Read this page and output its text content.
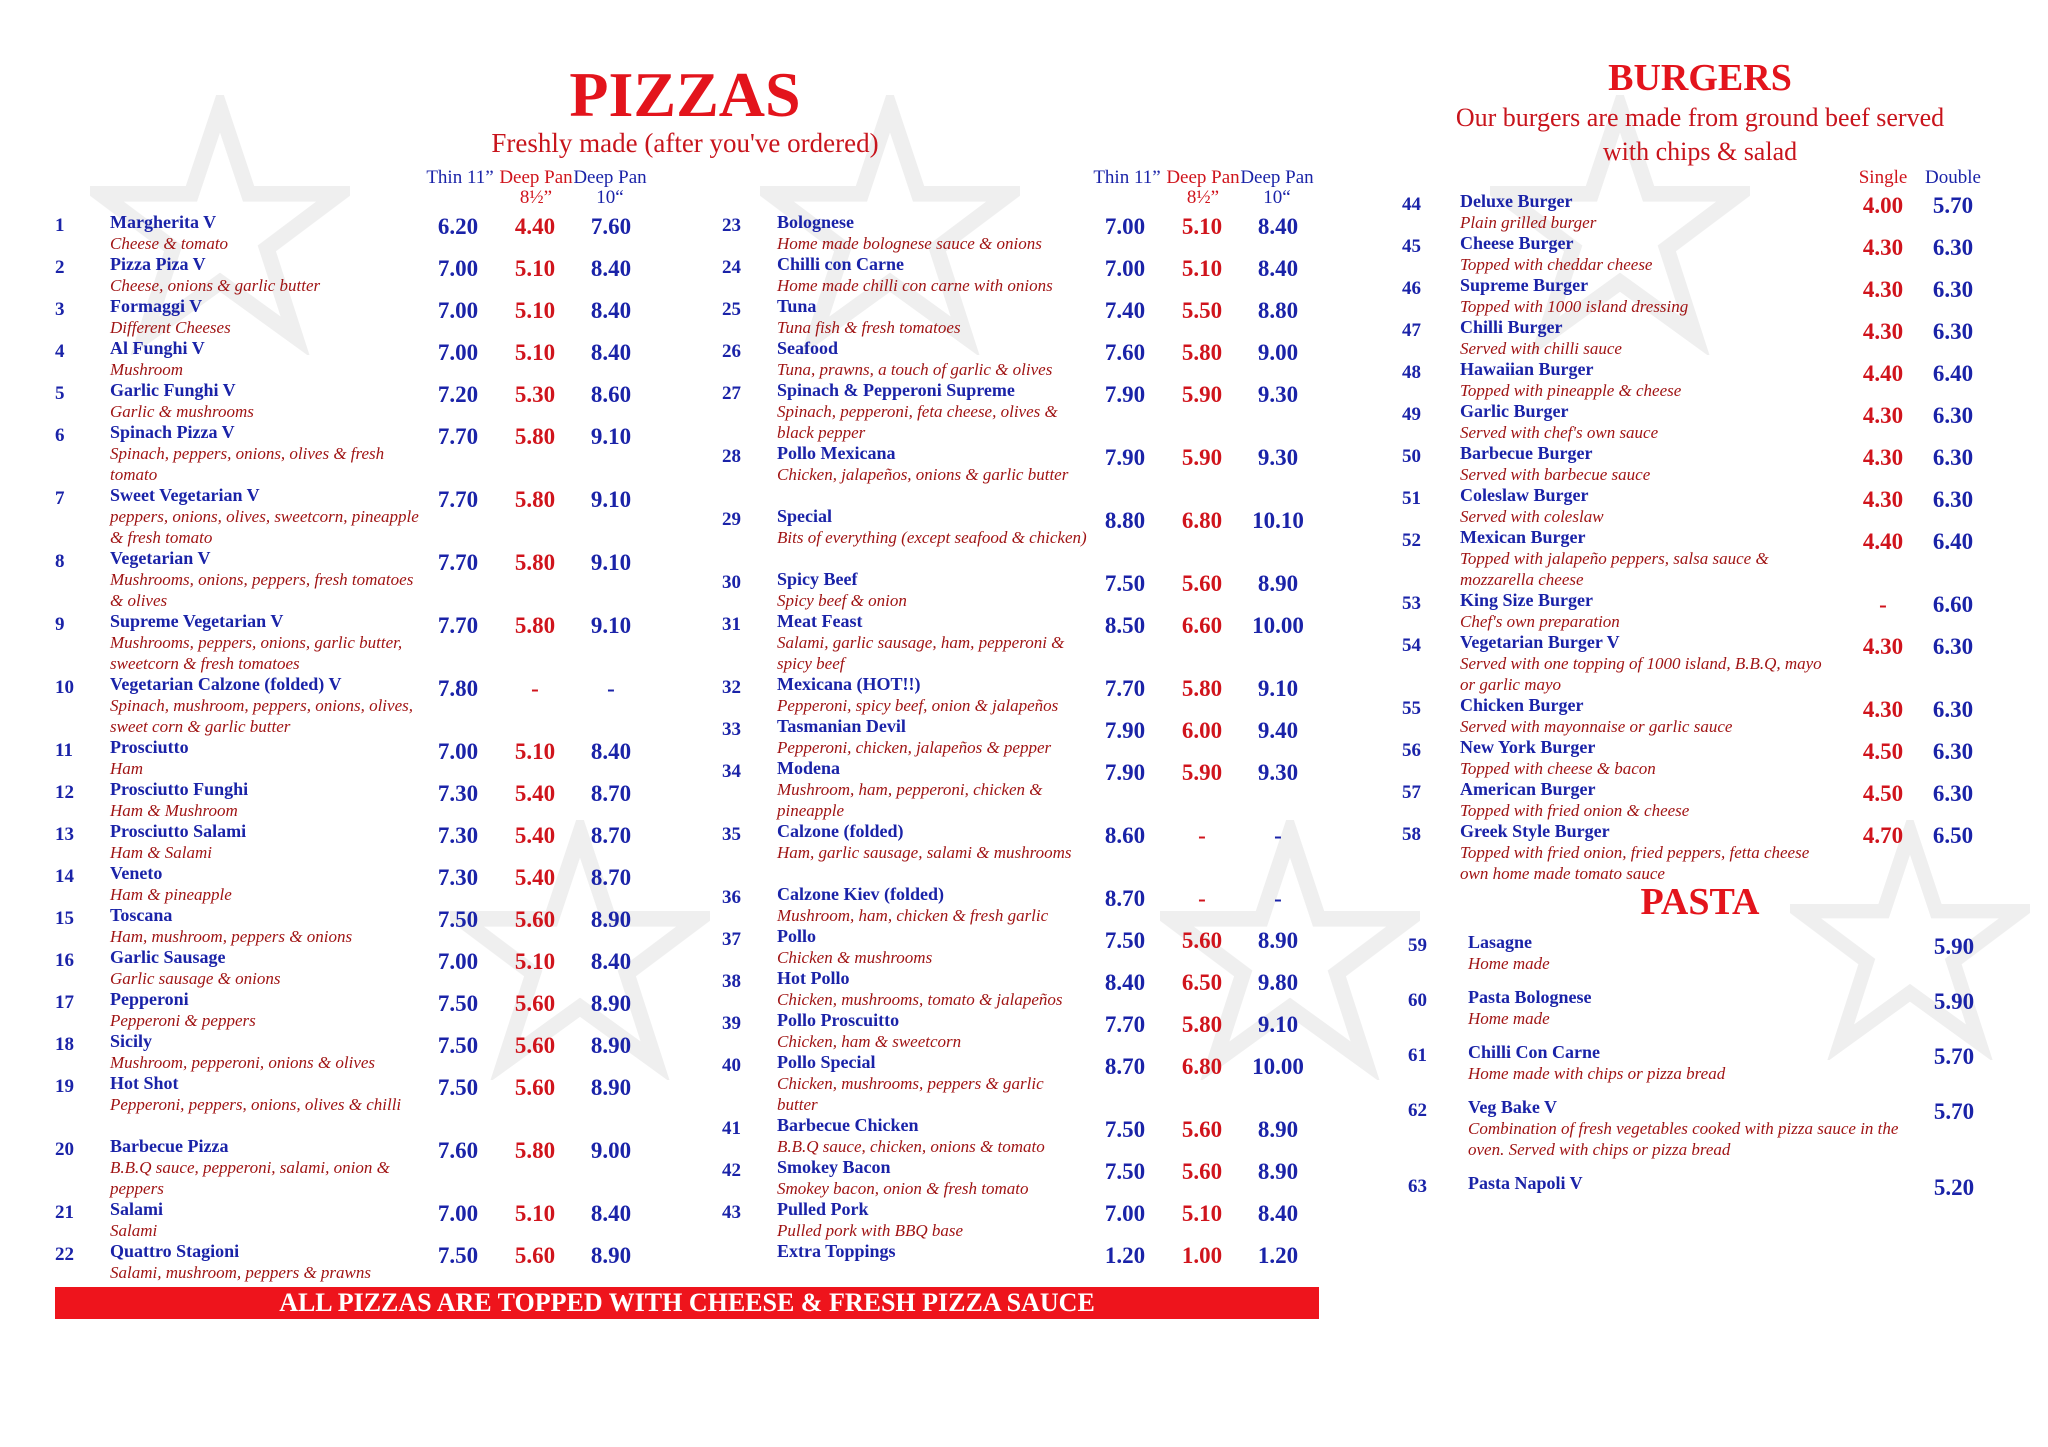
PIZZAS
Freshly made (after you've ordered)
Thin 11” Deep Pan
8½”
Deep Pan
10“
Thin 11” Deep Pan
8½”
Deep Pan
10“
BURGERS
Our burgers are made from ground beef served
with chips & salad
Single Double
PASTA
1	Margherita V
Cheese & tomato
6.20	4.40	7.60
2	Pizza Piza V
Cheese, onions & garlic butter
7.00	5.10	8.40
3	Formaggi V
Different Cheeses
7.00	5.10	8.40
4	Al Funghi V
Mushroom
7.00	5.10	8.40
5	Garlic Funghi V
Garlic & mushrooms
7.20	5.30	8.60
6	Spinach Pizza V
Spinach, peppers, onions, olives & fresh tomato
7.70	5.80	9.10
7	Sweet Vegetarian V
peppers, onions, olives, sweetcorn, pineapple & fresh tomato
7.70	5.80	9.10
8	Vegetarian V
Mushrooms, onions, peppers, fresh tomatoes & olives
7.70	5.80	9.10
9	Supreme Vegetarian V
Mushrooms, peppers, onions, garlic butter, sweetcorn & fresh tomatoes
7.70	5.80	9.10
10 Vegetarian Calzone (folded) V
Spinach, mushroom, peppers, onions, olives, sweet corn & garlic butter
7.80	-	-
11 Prosciutto
Ham
7.00	5.10	8.40
12 Prosciutto Funghi
Ham & Mushroom
7.30	5.40	8.70
13 Prosciutto Salami
Ham & Salami
7.30	5.40	8.70
14 Veneto
Ham & pineapple
7.30	5.40	8.70
15 Toscana
Ham, mushroom, peppers & onions
7.50	5.60	8.90
16 Garlic Sausage
Garlic sausage & onions
7.00	5.10	8.40
17 Pepperoni
Pepperoni & peppers
7.50	5.60	8.90
18 Sicily
Mushroom, pepperoni, onions & olives
7.50	5.60	8.90
19 Hot Shot
Pepperoni, peppers, onions, olives & chilli
7.50	5.60	8.90
20 Barbecue Pizza
B.B.Q sauce, pepperoni, salami, onion & peppers
7.60	5.80	9.00
21 Salami
Salami
7.00	5.10	8.40
22 Quattro Stagioni
Salami, mushroom, peppers & prawns
7.50	5.60	8.90
23 Bolognese
Home made bolognese sauce & onions
7.00	5.10	8.40
24 Chilli con Carne
Home made chilli con carne with onions
7.00	5.10	8.40
25 Tuna
Tuna fish & fresh tomatoes
7.40	5.50	8.80
26 Seafood
Tuna, prawns, a touch of garlic & olives
7.60	5.80	9.00
27 Spinach & Pepperoni Supreme
Spinach, pepperoni, feta cheese, olives & black pepper
7.90	5.90	9.30
28 Pollo Mexicana
Chicken, jalapeños, onions & garlic butter
7.90	5.90	9.30
29 Special
Bits of everything (except seafood & chicken)
8.80	6.80	10.10
30 Spicy Beef
Spicy beef & onion
7.50	5.60	8.90
31 Meat Feast
Salami, garlic sausage, ham, pepperoni & spicy beef
8.50	6.60	10.00
32 Mexicana (HOT!!)
Pepperoni, spicy beef, onion & jalapeños
7.70	5.80	9.10
33 Tasmanian Devil
Pepperoni, chicken, jalapeños & pepper
7.90	6.00	9.40
34 Modena
Mushroom, ham, pepperoni, chicken & pineapple
7.90	5.90	9.30
35 Calzone (folded)
Ham, garlic sausage, salami & mushrooms
8.60	-	-
36 Calzone Kiev (folded)
Mushroom, ham, chicken & fresh garlic
8.70	-	-
37 Pollo
Chicken & mushrooms
7.50	5.60	8.90
38 Hot Pollo
Chicken, mushrooms, tomato & jalapeños
8.40	6.50	9.80
39 Pollo Proscuitto
Chicken, ham & sweetcorn
7.70	5.80	9.10
40 Pollo Special
Chicken, mushrooms, peppers & garlic butter
8.70	6.80	10.00
41 Barbecue Chicken
B.B.Q sauce, chicken, onions & tomato
7.50	5.60	8.90
42 Smokey Bacon
Smokey bacon, onion & fresh tomato
7.50	5.60	8.90
43 Pulled Pork
Pulled pork with BBQ base
7.00	5.10	8.40
Extra Toppings	1.20	1.00	1.20
44 Deluxe Burger
Plain grilled burger
4.00	5.70
45 Cheese Burger
Topped with cheddar cheese
4.30	6.30
46 Supreme Burger
Topped with 1000 island dressing
4.30	6.30
47 Chilli Burger
Served with chilli sauce
4.30	6.30
48 Hawaiian Burger
Topped with pineapple & cheese
4.40	6.40
49 Garlic Burger
Served with chef's own sauce
4.30	6.30
50 Barbecue Burger
Served with barbecue sauce
4.30	6.30
51 Coleslaw Burger
Served with coleslaw
4.30	6.30
52 Mexican Burger
Topped with jalapeño peppers, salsa sauce & mozzarella cheese
4.40	6.40
53 King Size Burger
Chef's own preparation
-	6.60
54 Vegetarian Burger V
Served with one topping of 1000 island, B.B.Q, mayo or garlic mayo
4.30	6.30
55 Chicken Burger
Served with mayonnaise or garlic sauce
4.30	6.30
56 New York Burger
Topped with cheese & bacon
4.50	6.30
57 American Burger
Topped with fried onion & cheese
4.50	6.30
58 Greek Style Burger
Topped with fried onion, fried peppers, fetta cheese own home made tomato sauce
4.70	6.50
59 Lasagne
Home made
5.90
60 Pasta Bolognese
Home made
5.90
61 Chilli Con Carne
Home made with chips or pizza bread
5.70
62 Veg Bake V
Combination of fresh vegetables cooked with pizza sauce in the oven. Served with chips or pizza bread
5.70
63 Pasta Napoli V	5.20
ALL PIZZAS ARE TOPPED WITH CHEESE & FRESH PIZZA SAUCE
